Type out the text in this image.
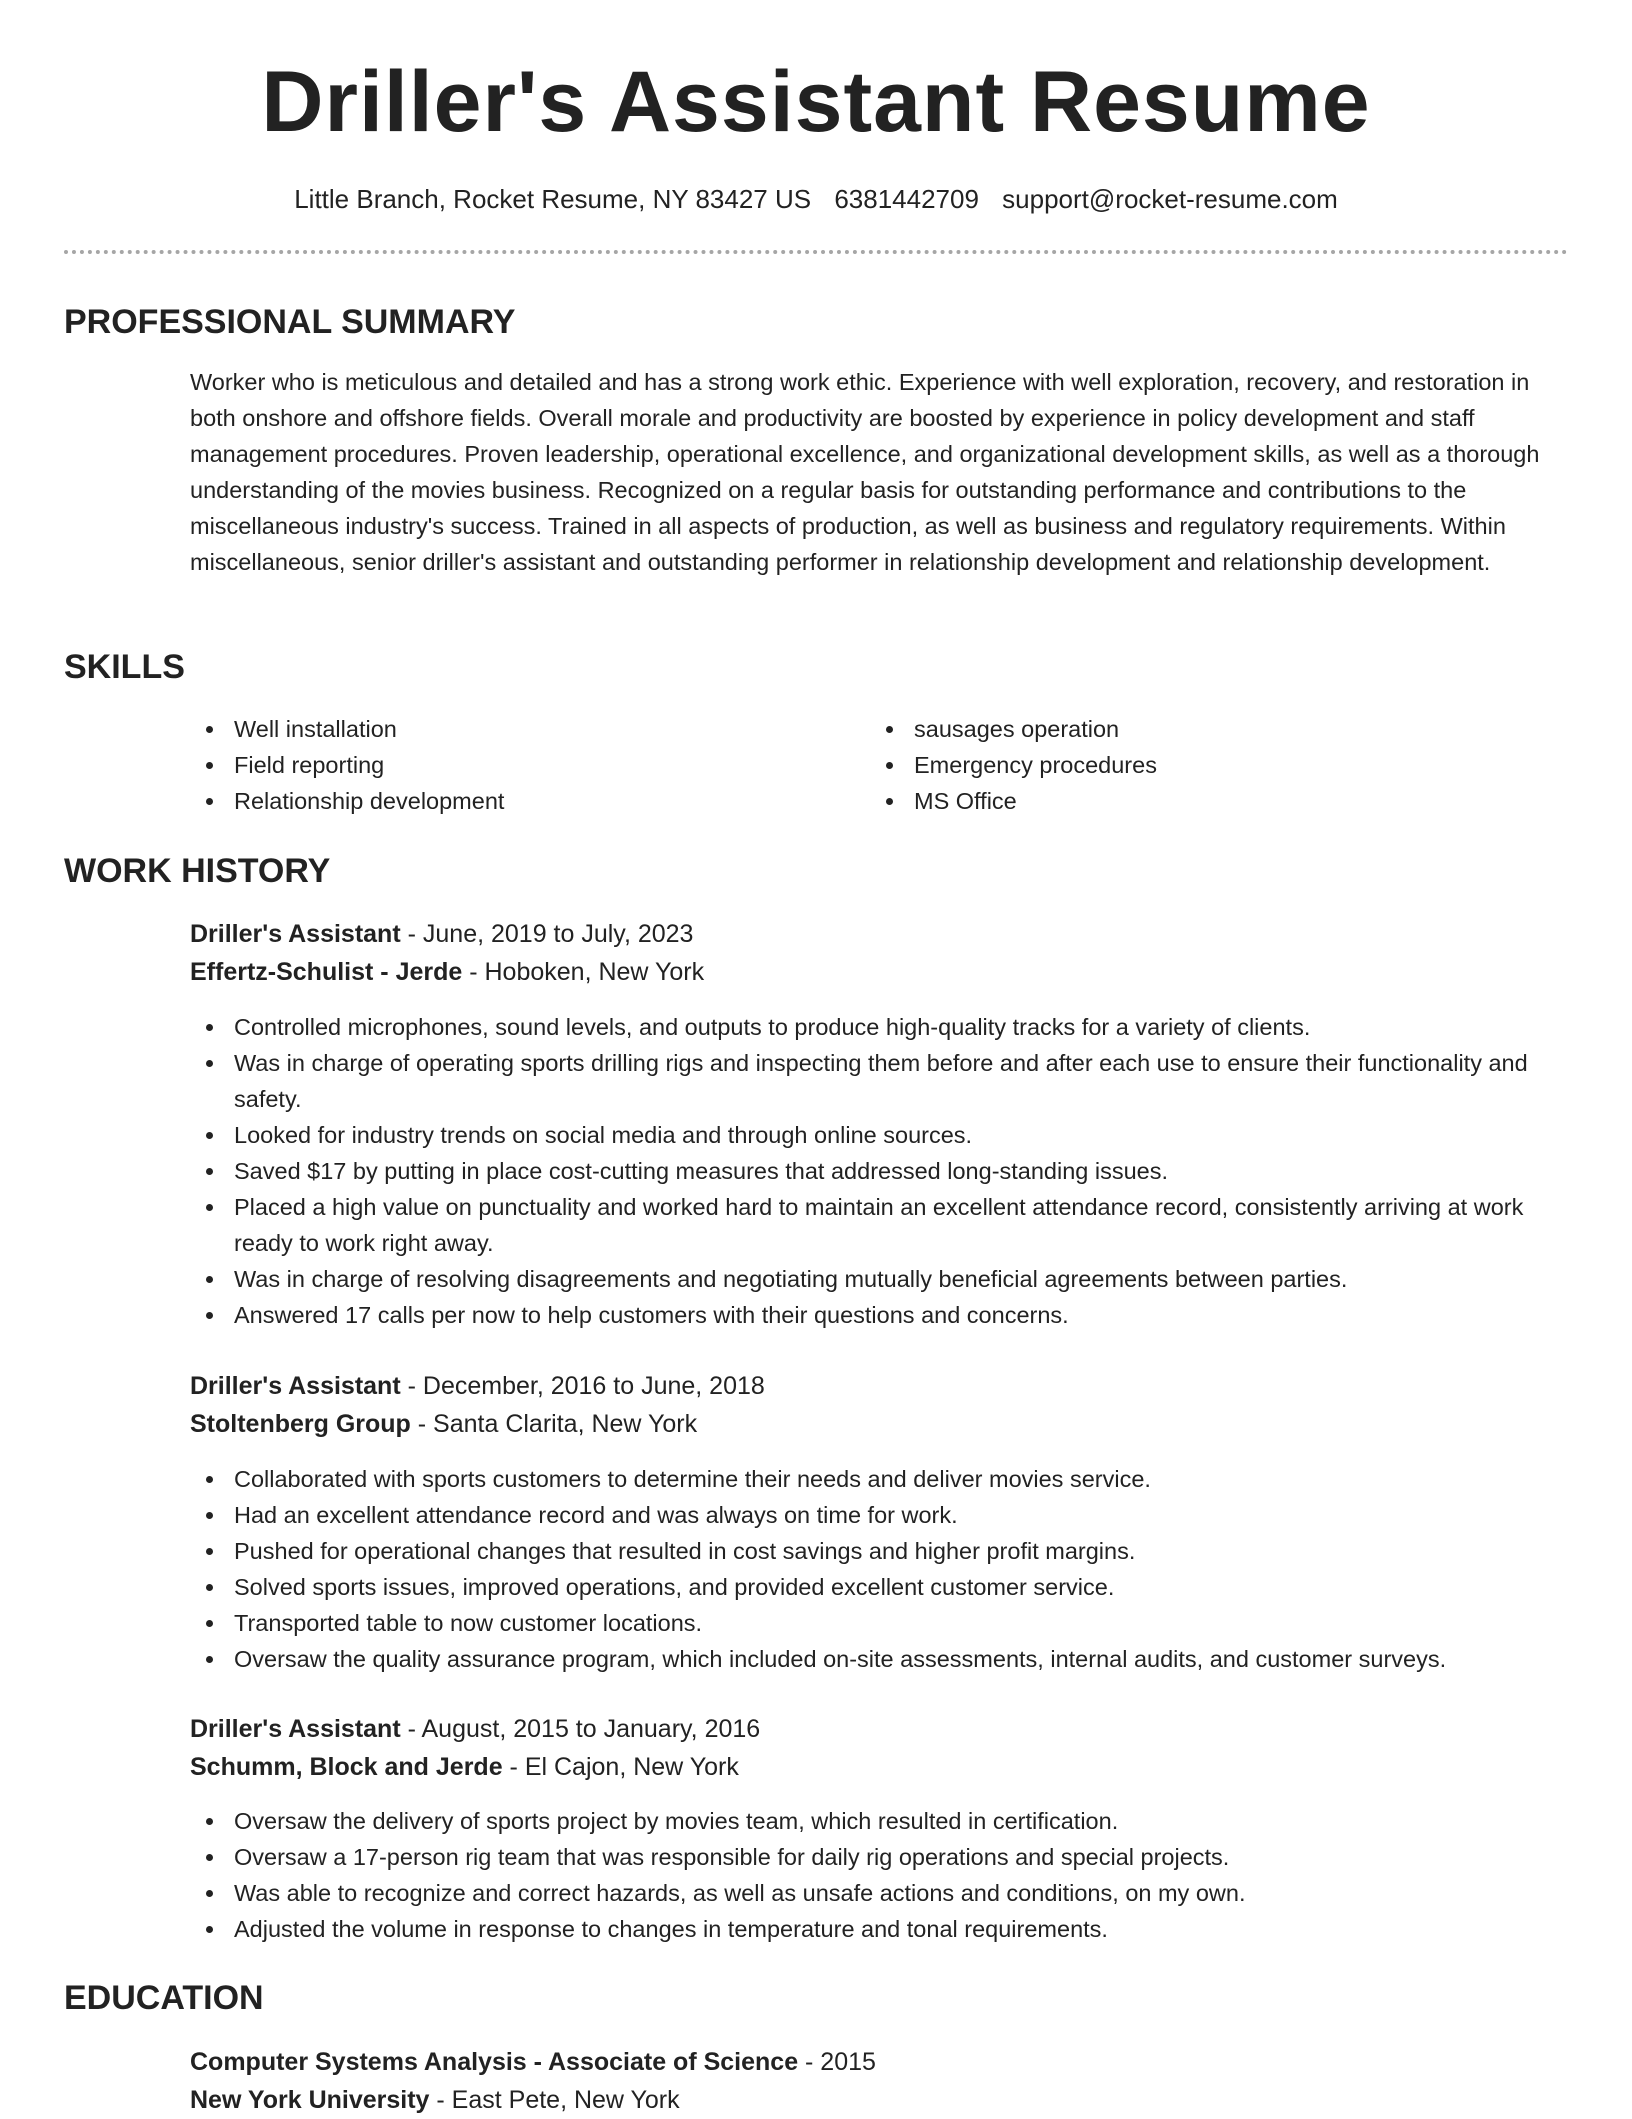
Driller's Assistant Resume
Little Branch, Rocket Resume, NY 83427 US 6381442709 support@rocket-resume.com
PROFESSIONAL SUMMARY

Worker who is meticulous and detailed and has a strong work ethic. Experience with well exploration, recovery, and restoration in both onshore and offshore fields. Overall morale and productivity are boosted by experience in policy development and staff management procedures. Proven leadership, operational excellence, and organizational development skills, as well as a thorough understanding of the movies business. Recognized on a regular basis for outstanding performance and contributions to the miscellaneous industry's success. Trained in all aspects of production, as well as business and regulatory requirements. Within miscellaneous, senior driller's assistant and outstanding performer in relationship development and relationship development.

SKILLS
Well installation
Field reporting
Relationship development
sausages operation
Emergency procedures
MS Office
WORK HISTORY

Driller's Assistant - June, 2019 to July, 2023

Effertz-Schulist - Jerde - Hoboken, New York

Controlled microphones, sound levels, and outputs to produce high-quality tracks for a variety of clients.
Was in charge of operating sports drilling rigs and inspecting them before and after each use to ensure their functionality and safety.
Looked for industry trends on social media and through online sources.
Saved $17 by putting in place cost-cutting measures that addressed long-standing issues.
Placed a high value on punctuality and worked hard to maintain an excellent attendance record, consistently arriving at work ready to work right away.
Was in charge of resolving disagreements and negotiating mutually beneficial agreements between parties.
Answered 17 calls per now to help customers with their questions and concerns.

Driller's Assistant - December, 2016 to June, 2018

Stoltenberg Group - Santa Clarita, New York

Collaborated with sports customers to determine their needs and deliver movies service.
Had an excellent attendance record and was always on time for work.
Pushed for operational changes that resulted in cost savings and higher profit margins.
Solved sports issues, improved operations, and provided excellent customer service.
Transported table to now customer locations.
Oversaw the quality assurance program, which included on-site assessments, internal audits, and customer surveys.

Driller's Assistant - August, 2015 to January, 2016

Schumm, Block and Jerde - El Cajon, New York

Oversaw the delivery of sports project by movies team, which resulted in certification.
Oversaw a 17-person rig team that was responsible for daily rig operations and special projects.
Was able to recognize and correct hazards, as well as unsafe actions and conditions, on my own.
Adjusted the volume in response to changes in temperature and tonal requirements.
EDUCATION

Computer Systems Analysis - Associate of Science - 2015

New York University - East Pete, New York
